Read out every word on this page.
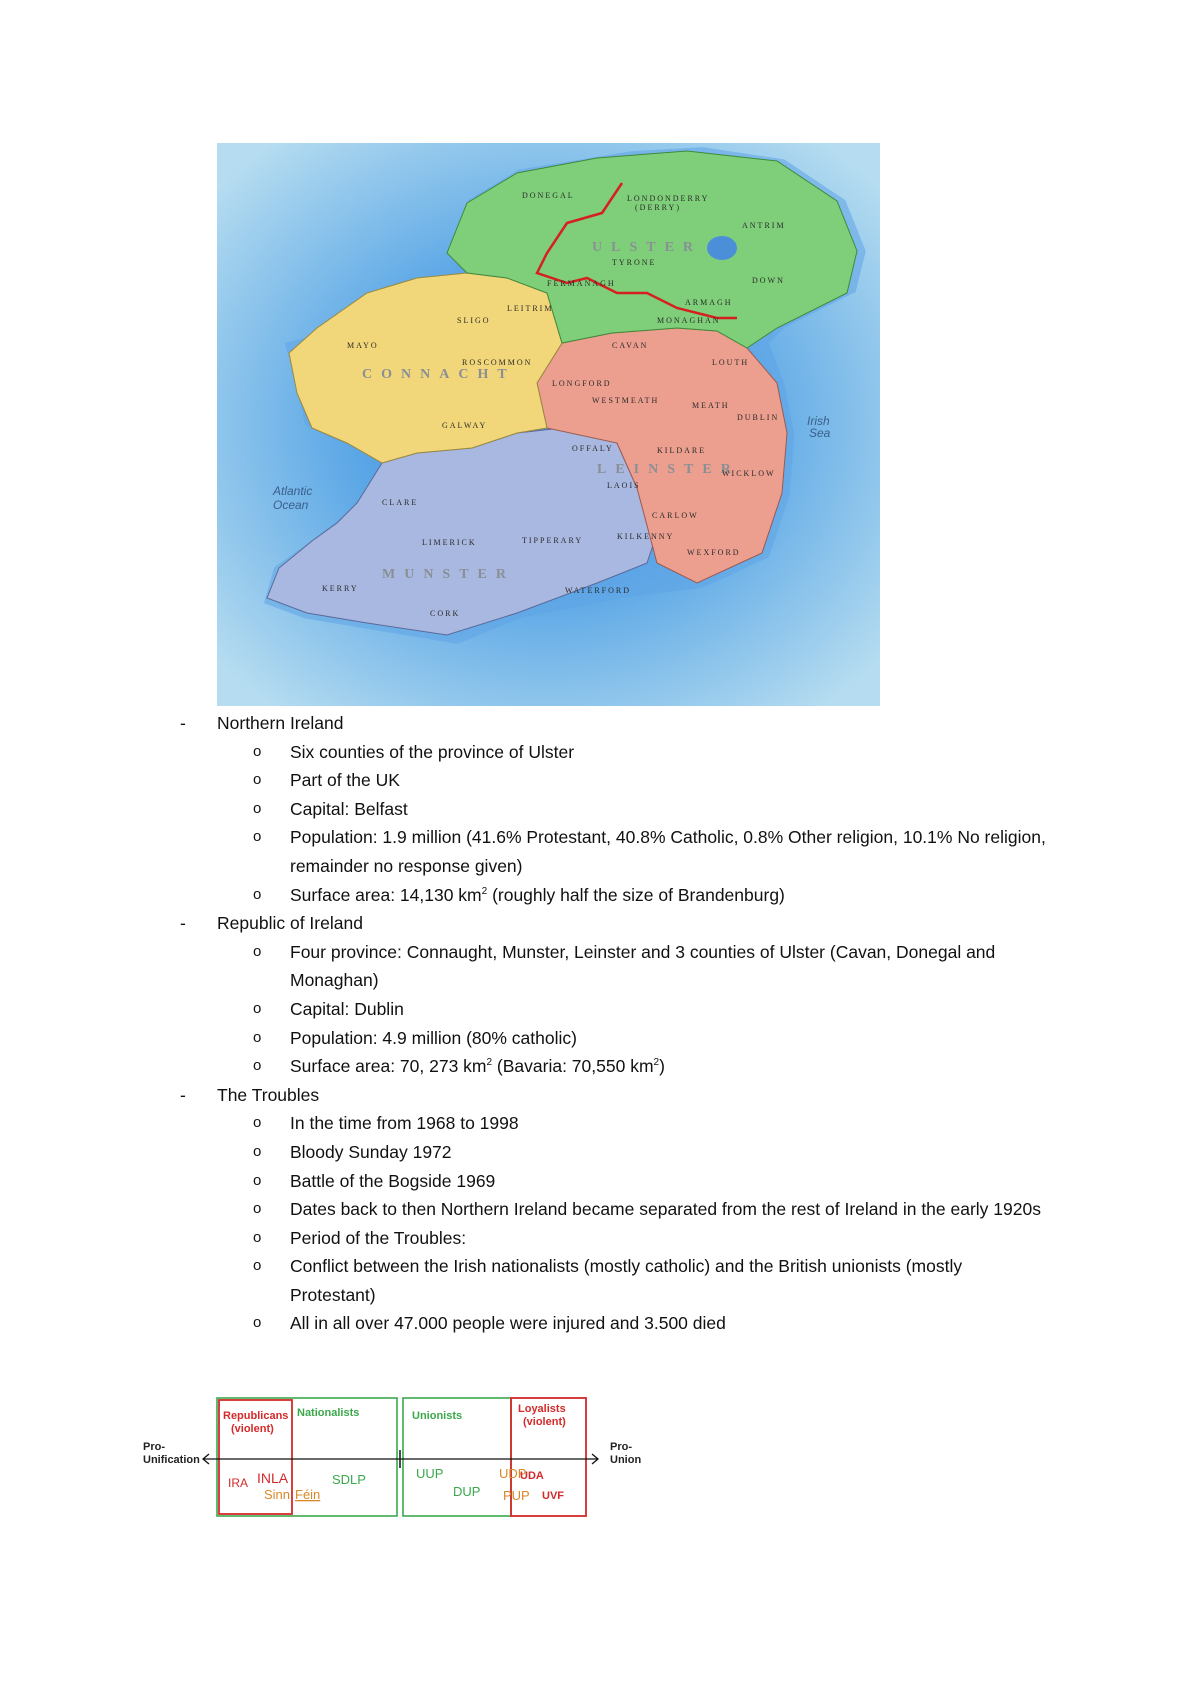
Atlantic
Ocean
Irish
Sea
ULSTER
CONNACHT
LEINSTER
MUNSTER
LONDONDERRY
(DERRY)
ANTRIM
DONEGAL
TYRONE
DOWN
FERMANAGH
ARMAGH
MONAGHAN
SLIGO
LEITRIM
CAVAN
MAYO
ROSCOMMON
LONGFORD
LOUTH
WESTMEATH
MEATH
DUBLIN
GALWAY
OFFALY	KILDARE
LAOIS
WICKLOW
CLARE
CARLOW
LIMERICK	TIPPERARY	KILKENNY
WEXFORD
KERRY	WATERFORD
CORK
- Northern Ireland
o Six counties of the province of Ulster
o Part of the UK
o Capital: Belfast
o Population: 1.9 million (41.6% Protestant, 40.8% Catholic, 0.8% Other religion, 10.1% No religion, remainder no response given)
o Surface area: 14,130 $km^2$ (roughly half the size of Brandenburg)
- Republic of Ireland
o Four province: Connaught, Munster, Leinster and 3 counties of Ulster (Cavan, Donegal and Monaghan)
o Capital: Dublin
o Population: 4.9 million (80% catholic)
o Surface area: 70, 273 $km^2$ (Bavaria: 70,550 $km^2$)
- The Troubles
o In the time from 1968 to 1998
o Bloody Sunday 1972
o Battle of the Bogside 1969
o Dates back to then Northern Ireland became separated from the rest of Ireland in the early 1920s
o Period of the Troubles:
o Conflict between the Irish nationalists (mostly catholic) and the British unionists (mostly Protestant)
o All in all over 47.000 people were injured and 3.500 died
Pro-
Unification
Pro-
Union
Republicans
(violent)
Nationalists	Unionists
Loyalists
(violent)
IRA INLA
Sinn Féin
SDLP	UUP
DUP
UDP
UDA
PUP UVF
